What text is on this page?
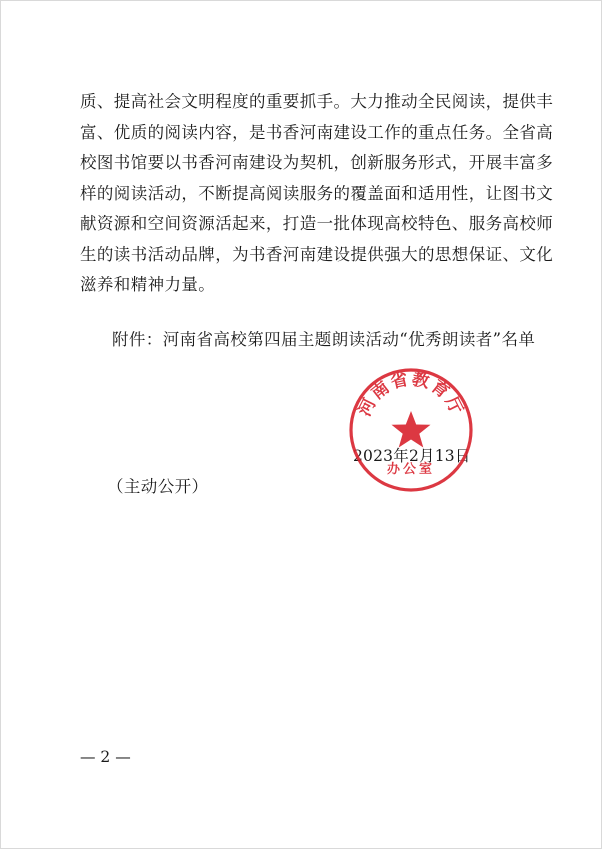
质、提高社会文明程度的重要抓手。大力推动全民阅读，提供丰
富、优质的阅读内容，是书香河南建设工作的重点任务。全省高
校图书馆要以书香河南建设为契机，创新服务形式，开展丰富多
样的阅读活动，不断提高阅读服务的覆盖面和适用性，让图书文
献资源和空间资源活起来，打造一批体现高校特色、服务高校师
生的读书活动品牌，为书香河南建设提供强大的思想保证、文化
滋养和精神力量。
附件：河南省高校第四届主题朗读活动“优秀朗读者”名单
2023年2月13日
（主动公开）
— 2 —
河南省教育厅
办公室
